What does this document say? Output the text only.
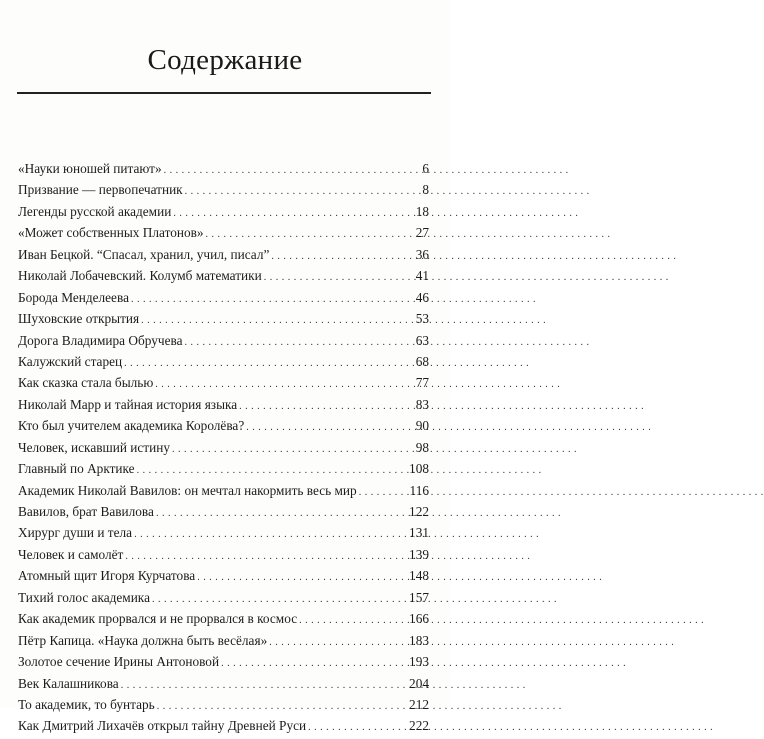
Содержание
«Науки юношей питают» . . .	6
Призвание — первопечатник . . .	8
Легенды русской академии . . .	18
«Может собственных Платонов» . . .	27
Иван Бецкой. “Спасал, хранил, учил, писал” . . .	36
Николай Лобачевский. Колумб математики . . .	41
Борода Менделеева . . .	46
Шуховские открытия . . .	53
Дорога Владимира Обручева . . .	63
Калужский старец . . .	68
Как сказка стала былью . . .	77
Николай Марр и тайная история языка . . .	83
Кто был учителем академика Королёва? . . .	90
Человек, искавший истину . . .	98
Главный по Арктике . . .	108
Академик Николай Вавилов: он мечтал накормить весь мир . . .	116
Вавилов, брат Вавилова . . .	122
Хирург души и тела . . .	131
Человек и самолёт . . .	139
Атомный щит Игоря Курчатова . . .	148
Тихий голос академика . . .	157
Как академик прорвался и не прорвался в космос . . .	166
Пётр Капица. «Наука должна быть весёлая» . . .	183
Золотое сечение Ирины Антоновой . . .	193
Век Калашникова . . .	204
То академик, то бунтарь . . .	212
Как Дмитрий Лихачёв открыл тайну Древней Руси . . .	222
